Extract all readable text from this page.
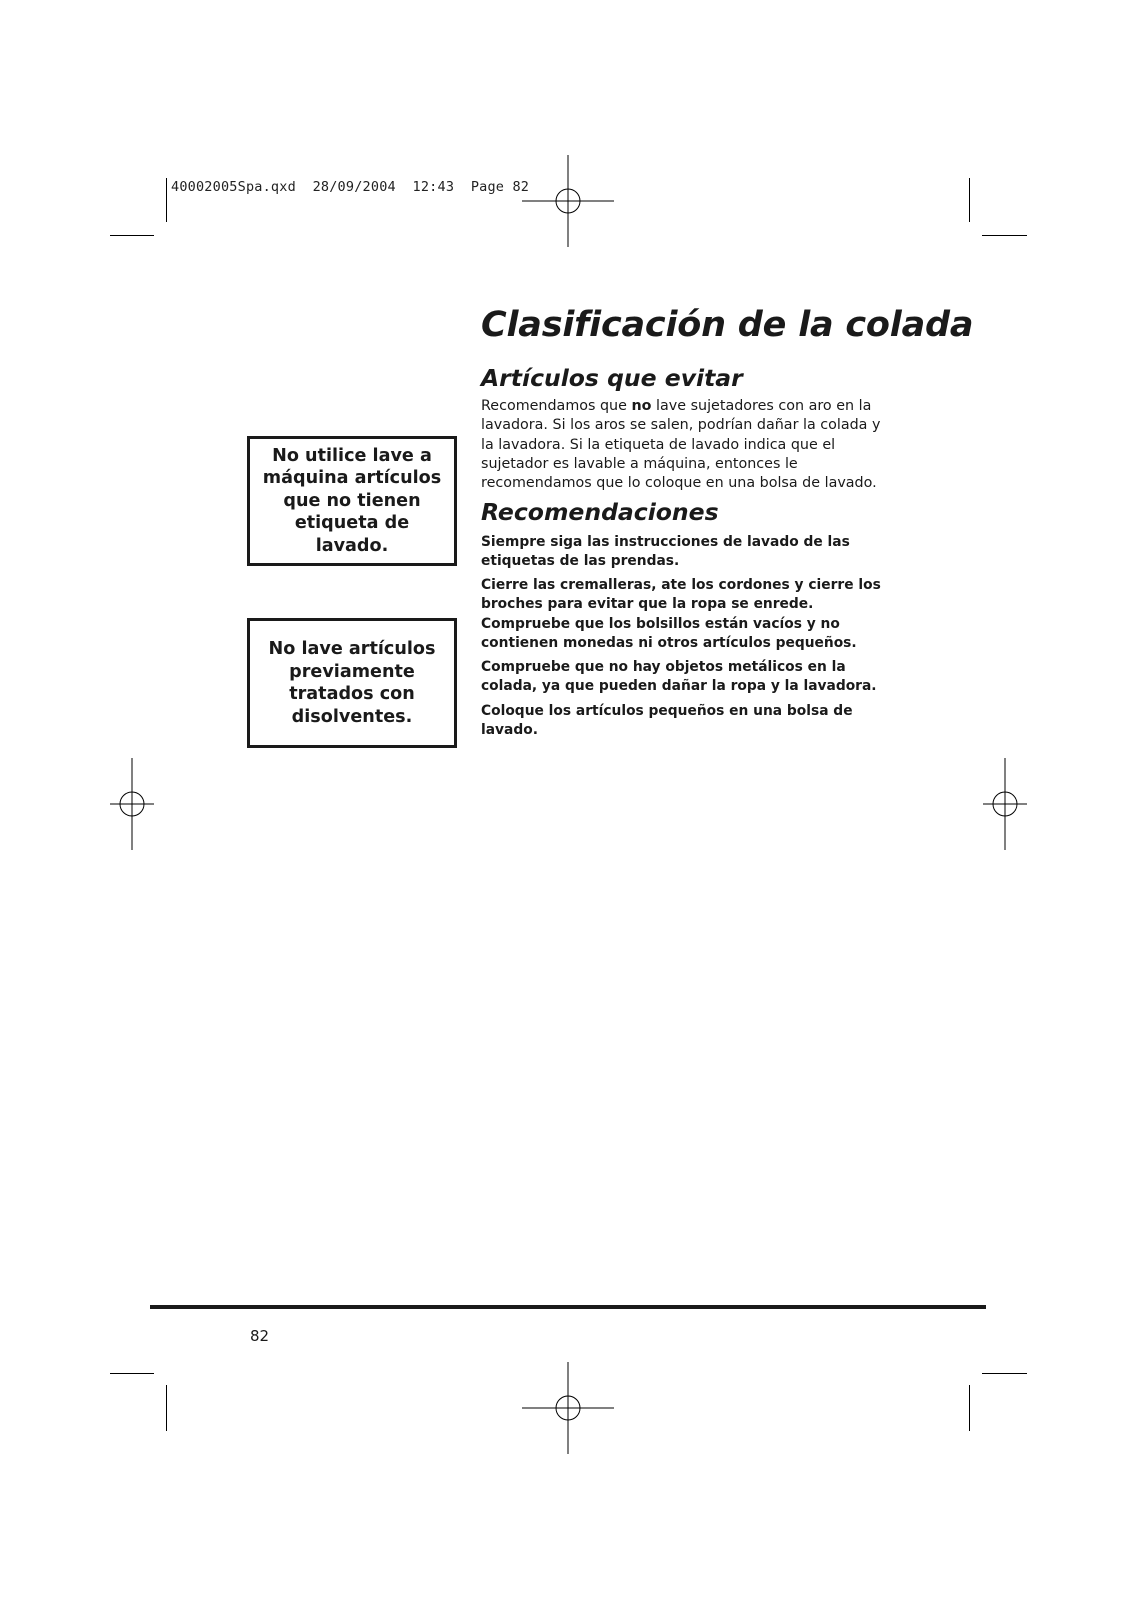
40002005Spa.qxd 28/09/2004 12:43 Page 82
Clasificación de la colada
Artículos que evitar

Recomendamos que no lave sujetadores con aro en la lavadora. Si los aros se salen, podrían dañar la colada y la lavadora. Si la etiqueta de lavado indica que el sujetador es lavable a máquina, entonces le recomendamos que lo coloque en una bolsa de lavado.

Recomendaciones

Siempre siga las instrucciones de lavado de las etiquetas de las prendas.

Cierre las cremalleras, ate los cordones y cierre los broches para evitar que la ropa se enrede. Compruebe que los bolsillos están vacíos y no contienen monedas ni otros artículos pequeños.

Compruebe que no hay objetos metálicos en la colada, ya que pueden dañar la ropa y la lavadora.

Coloque los artículos pequeños en una bolsa de lavado.

No utilice lave a máquina artículos que no tienen etiqueta de lavado.
No lave artículos previamente tratados con disolventes.
82
